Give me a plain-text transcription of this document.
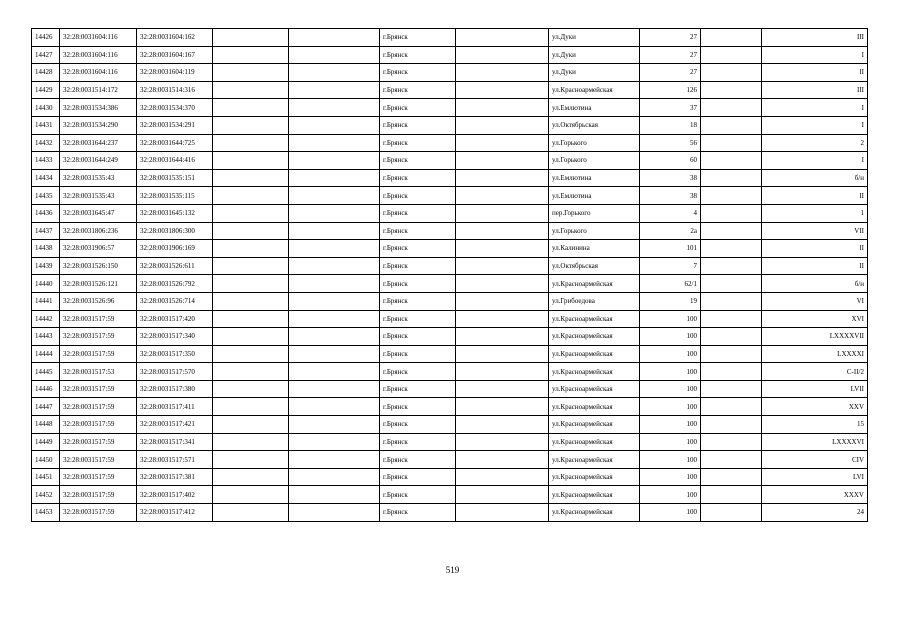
14426	32:28:0031604:116	32:28:0031604:162			г.Брянск		ул.Дуки	27		III
14427	32:28:0031604:116	32:28:0031604:167			г.Брянск		ул.Дуки	27		I
14428	32:28:0031604:116	32:28:0031604:119			г.Брянск		ул.Дуки	27		II
14429	32:28:0031514:172	32:28:0031514:316			г.Брянск		ул.Красноармейская	126		III
14430	32:28:0031534:386	32:28:0031534:370			г.Брянск		ул.Емлютина	37		I
14431	32:28:0031534:290	32:28:0031534:291			г.Брянск		ул.Октябрьская	18		I
14432	32:28:0031644:237	32:28:0031644:725			г.Брянск		ул.Горького	56		2
14433	32:28:0031644:249	32:28:0031644:416			г.Брянск		ул.Горького	60		I
14434	32:28:0031535:43	32:28:0031535:151			г.Брянск		ул.Емлютина	38		б/н
14435	32:28:0031535:43	32:28:0031535:115			г.Брянск		ул.Емлютина	38		II
14436	32:28:0031645:47	32:28:0031645:132			г.Брянск		пер.Горького	4		1
14437	32:28:0031806:236	32:28:0031806:300			г.Брянск		ул.Горького	2а		VII
14438	32:28:0031906:57	32:28:0031906:169			г.Брянск		ул.Калинина	101		II
14439	32:28:0031526:150	32:28:0031526:611			г.Брянск		ул.Октябрьская	7		II
14440	32:28:0031526:121	32:28:0031526:792			г.Брянск		ул.Красноармейская	62/1		б/н
14441	32:28:0031526:96	32:28:0031526:714			г.Брянск		ул.Грибоедова	19		VI
14442	32:28:0031517:59	32:28:0031517:420			г.Брянск		ул.Красноармейская	100		XVI
14443	32:28:0031517:59	32:28:0031517:340			г.Брянск		ул.Красноармейская	100		LXXXXVII
14444	32:28:0031517:59	32:28:0031517:350			г.Брянск		ул.Красноармейская	100		LXXXXI
14445	32:28:0031517:53	32:28:0031517:570			г.Брянск		ул.Красноармейская	100		С-II/2
14446	32:28:0031517:59	32:28:0031517:380			г.Брянск		ул.Красноармейская	100		LVII
14447	32:28:0031517:59	32:28:0031517:411			г.Брянск		ул.Красноармейская	100		XXV
14448	32:28:0031517:59	32:28:0031517:421			г.Брянск		ул.Красноармейская	100		15
14449	32:28:0031517:59	32:28:0031517:341			г.Брянск		ул.Красноармейская	100		LXXXXVI
14450	32:28:0031517:59	32:28:0031517:571			г.Брянск		ул.Красноармейская	100		CIV
14451	32:28:0031517:59	32:28:0031517:381			г.Брянск		ул.Красноармейская	100		LVI
14452	32:28:0031517:59	32:28:0031517:402			г.Брянск		ул.Красноармейская	100		XXXV
14453	32:28:0031517:59	32:28:0031517:412			г.Брянск		ул.Красноармейская	100		24
519
